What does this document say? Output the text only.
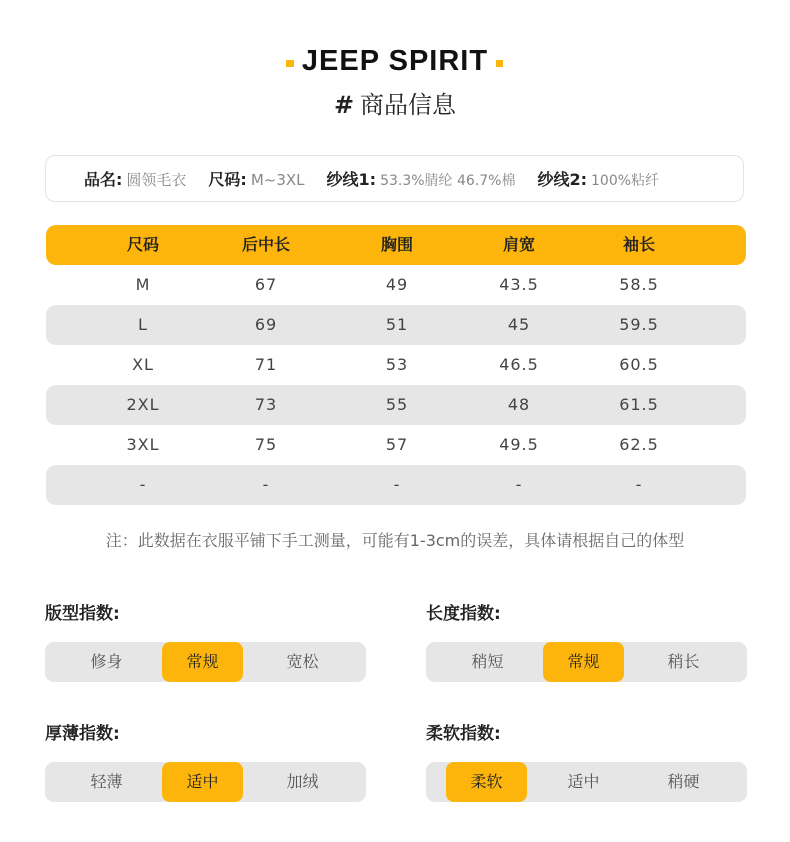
JEEP SPIRIT
# 商品信息
品名: 圆领毛衣 尺码: M~3XL 纱线1: 53.3%腈纶 46.7%棉 纱线2: 100%粘纤
尺码	后中长	胸围	肩宽	袖长
M	67	49	43.5	58.5
L	69	51	45	59.5
XL	71	53	46.5	60.5
2XL	73	55	48	61.5
3XL	75	57	49.5	62.5
-	-	-	-	-
注：此数据在衣服平铺下手工测量，可能有1-3cm的误差，具体请根据自己的体型
版型指数:
修身	常规	宽松
长度指数:
稍短	常规	稍长
厚薄指数:
轻薄	适中	加绒
柔软指数:
柔软	适中	稍硬
